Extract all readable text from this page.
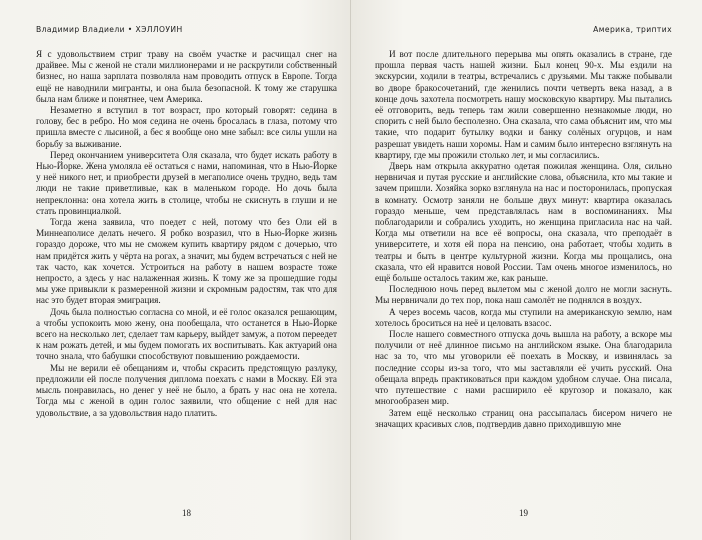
Владимир Владиели • ХЭЛЛОУИН

Я с удовольствием стриг траву на своём участке и расчищал снег на драйвее. Мы с женой не стали миллионерами и не раскрутили собственный бизнес, но наша зарплата позволяла нам проводить отпуск в Европе. Тогда ещё не наводнили мигранты, и она была безопасной. К тому же старушка была нам ближе и понятнее, чем Америка.

Незаметно я вступил в тот возраст, про который говорят: седина в голову, бес в ребро. Но моя седина не очень бросалась в глаза, потому что пришла вместе с лысиной, а бес я вообще оно мне забыл: все силы ушли на борьбу за выживание.

Перед окончанием университета Оля сказала, что будет искать работу в Нью-Йорке. Жена умоляла её остаться с нами, напоминая, что в Нью-Йорке у неё никого нет, и приобрести друзей в мегаполисе очень трудно, ведь там люди не такие приветливые, как в маленьком городе. Но дочь была непреклонна: она хотела жить в столице, чтобы не скиснуть в глуши и не стать провинциалкой.

Тогда жена заявила, что поедет с ней, потому что без Оли ей в Миннеаполисе делать нечего. Я робко возразил, что в Нью-Йорке жизнь гораздо дороже, что мы не сможем купить квартиру рядом с дочерью, что нам придётся жить у чёрта на рогах, а значит, мы будем встречаться с ней не так часто, как хочется. Устроиться на работу в нашем возрасте тоже непросто, а здесь у нас налаженная жизнь. К тому же за прошедшие годы мы уже привыкли к размеренной жизни и скромным радостям, так что для нас это будет вторая эмиграция.

Дочь была полностью согласна со мной, и её голос оказался решающим, а чтобы успокоить мою жену, она пообещала, что останется в Нью-Йорке всего на несколько лет, сделает там карьеру, выйдет замуж, а потом переедет к нам рожать детей, и мы будем помогать их воспитывать. Как актуарий она точно знала, что бабушки способствуют повышению рождаемости.

Мы не верили её обещаниям и, чтобы скрасить предстоящую разлуку, предложили ей после получения диплома поехать с нами в Москву. Ей эта мысль понравилась, но денег у неё не было, а брать у нас она не хотела. Тогда мы с женой в один голос заявили, что общение с ней для нас удовольствие, а за удовольствия надо платить.

18
Америка, триптих

И вот после длительного перерыва мы опять оказались в стране, где прошла первая часть нашей жизни. Был конец 90-х. Мы ездили на экскурсии, ходили в театры, встречались с друзьями. Мы также побывали во дворе бракосочетаний, где женились почти четверть века назад, а в конце дочь захотела посмотреть нашу московскую квартиру. Мы пытались её отговорить, ведь теперь там жили совершенно незнакомые люди, но спорить с ней было бесполезно. Она сказала, что сама объяснит им, что мы такие, что подарит бутылку водки и банку солёных огурцов, и нам разрешат увидеть наши хоромы. Нам и самим было интересно взглянуть на квартиру, где мы прожили столько лет, и мы согласились.

Дверь нам открыла аккуратно одетая пожилая женщина. Оля, сильно нервничая и путая русские и английские слова, объяснила, кто мы такие и зачем пришли. Хозяйка зорко взглянула на нас и посторонилась, пропуская в комнату. Осмотр заняли не больше двух минут: квартира оказалась гораздо меньше, чем представлялась нам в воспоминаниях. Мы поблагодарили и собрались уходить, но женщина пригласила нас на чай. Когда мы ответили на все её вопросы, она сказала, что преподаёт в университете, и хотя ей пора на пенсию, она работает, чтобы ходить в театры и быть в центре культурной жизни. Когда мы прощались, она сказала, что ей нравится новой России. Там очень многое изменилось, но ещё больше осталось таким же, как раньше.

Последнюю ночь перед вылетом мы с женой долго не могли заснуть. Мы нервничали до тех пор, пока наш самолёт не поднялся в воздух.

А через восемь часов, когда мы ступили на американскую землю, нам хотелось броситься на неё и целовать взасос.

После нашего совместного отпуска дочь вышла на работу, а вскоре мы получили от неё длинное письмо на английском языке. Она благодарила нас за то, что мы уговорили её поехать в Москву, и извинялась за последние ссоры из-за того, что мы заставляли её учить русский. Она обещала впредь практиковаться при каждом удобном случае. Она писала, что путешествие с нами расширило её кругозор и показало, как многообразен мир.

Затем ещё несколько страниц она рассыпалась бисером ничего не значащих красивых слов, подтвердив давно приходившую мне

19
